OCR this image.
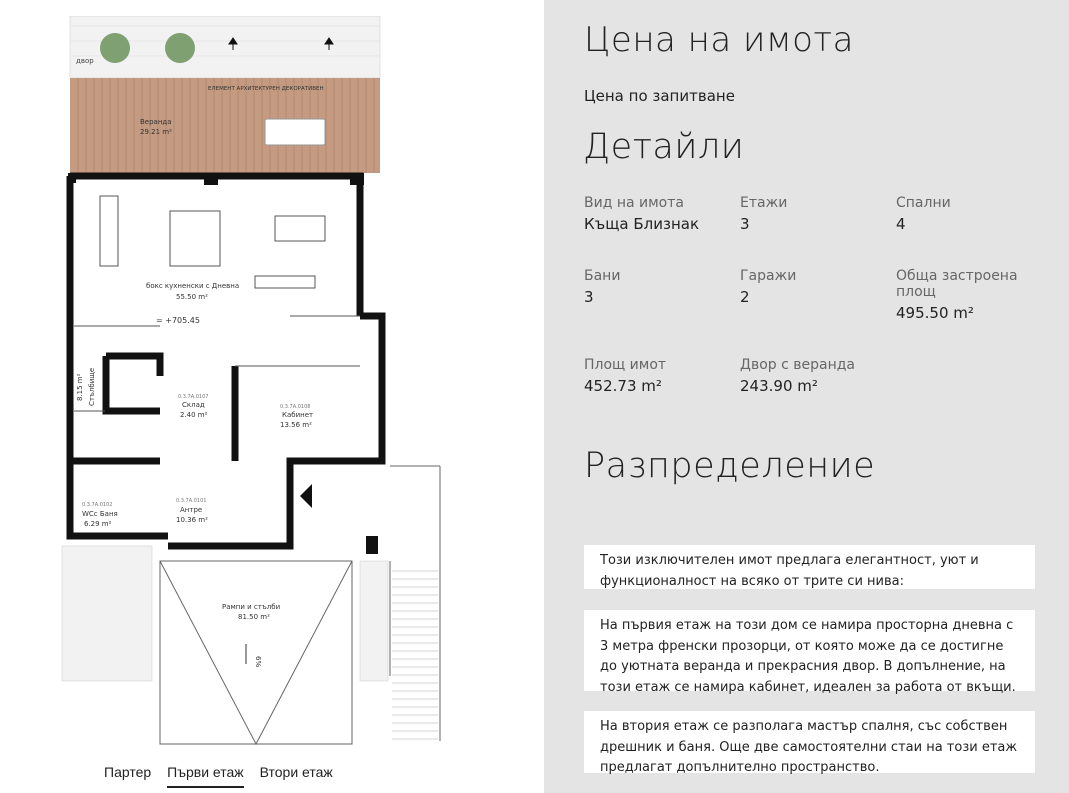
двор
ЕЛЕМЕНТ АРХИТЕКТУРЕН ДЕКОРАТИВЕН
Веранда
29.21 m²
бокс кухненски с Дневна
55.50 m²
= +705.45
Стълбище
8.15 m²	0.3.7А.0107
Склад
2.40 m²
0.3.7А.0108
Кабинет
13.56 m²
0.3.7А.0102
WCс Баня
6.29 m²
0.3.7А.0101
Антре
10.36 m²
Рампи и стълби
81.50 m²
6%
Партер Първи етаж Втори етаж
Цена на имота
Цена по запитване
Детайли
Вид на имота
Къща Близнак
Етажи
3
Спални
4
Бани
3
Гаражи
2
Обща застроена площ
495.50 m²
Площ имот
452.73 m²
Двор с веранда
243.90 m²
Разпределение
Този изключителен имот предлага елегантност, уют и функционалност на всяко от трите си нива:
На първия етаж на този дом се намира просторна дневна с 3 метра френски прозорци, от която може да се достигне до уютната веранда и прекрасния двор. В допълнение, на този етаж се намира кабинет, идеален за работа от вкъщи.
На втория етаж се разполага мастър спалня, със собствен дрешник и баня. Още две самостоятелни стаи на този етаж предлагат допълнително пространство.
